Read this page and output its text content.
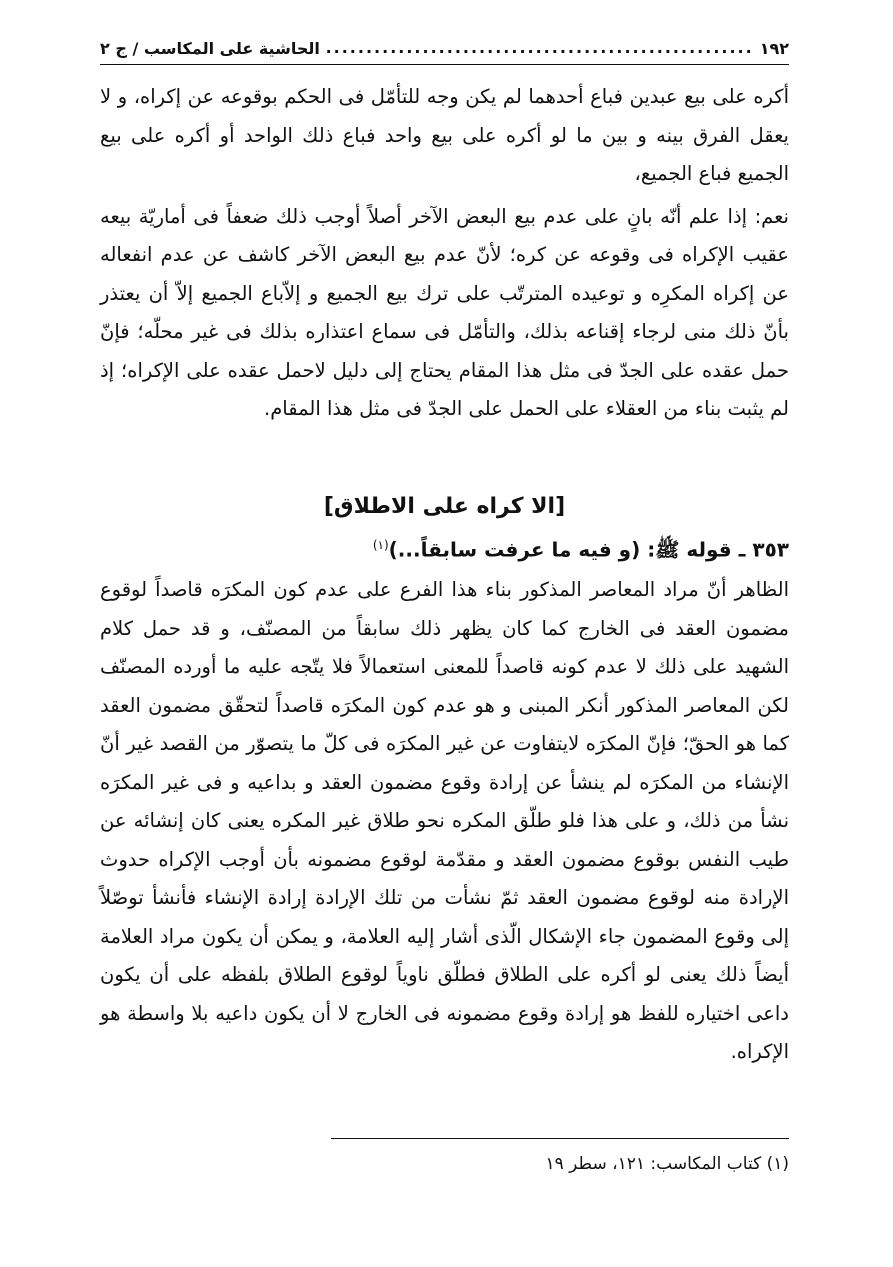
١٩٢
.....
الحاشية على المكاسب / ج ٢

أكره على بيع عبدين فباع أحدهما لم يكن وجه للتأمّل فى الحكم بوقوعه عن إكراه، و لا يعقل الفرق بينه و بين ما لو أكره على بيع واحد فباع ذلك الواحد أو أكره على بيع الجميع فباع الجميع،

نعم: إذا علم أنّه بانٍ على عدم بيع البعض الآخر أصلاً أوجب ذلك ضعفاً فى أماريّة بيعه عقيب الإكراه فى وقوعه عن كره؛ لأنّ عدم بيع البعض الآخر كاشف عن عدم انفعاله عن إكراه المكرِه و توعيده المترتّب على ترك بيع الجميع و إلاّباع الجميع إلاّ أن يعتذر بأنّ ذلك منى لرجاء إقناعه بذلك، والتأمّل فى سماع اعتذاره بذلك فى غير محلّه؛ فإنّ حمل عقده على الجدّ فى مثل هذا المقام يحتاج إلى دليل لاحمل عقده على الإكراه؛ إذ لم يثبت بناء من العقلاء على الحمل على الجدّ فى مثل هذا المقام.

[الا كراه على الاطلاق]

٣٥٣ ـ قوله ﷺ: (و فيه ما عرفت سابقاً...)$^{(١)}$

الظاهر أنّ مراد المعاصر المذكور بناء هذا الفرع على عدم كون المكرَه قاصداً لوقوع مضمون العقد فى الخارج كما كان يظهر ذلك سابقاً من المصنّف، و قد حمل كلام الشهيد على ذلك لا عدم كونه قاصداً للمعنى استعمالاً فلا يتّجه عليه ما أورده المصنّف لكن المعاصر المذكور أنكر المبنى و هو عدم كون المكرَه قاصداً لتحقّق مضمون العقد كما هو الحقّ؛ فإنّ المكرَه لايتفاوت عن غير المكرَه فى كلّ ما يتصوّر من القصد غير أنّ الإنشاء من المكرَه لم ينشأ عن إرادة وقوع مضمون العقد و بداعيه و فى غير المكرَه نشأ من ذلك، و على هذا فلو طلّق المكره نحو طلاق غير المكره يعنى كان إنشائه عن طيب النفس بوقوع مضمون العقد و مقدّمة لوقوع مضمونه بأن أوجب الإكراه حدوث الإرادة منه لوقوع مضمون العقد ثمّ نشأت من تلك الإرادة إرادة الإنشاء فأنشأ توصّلاً إلى وقوع المضمون جاء الإشكال الّذى أشار إليه العلامة، و يمكن أن يكون مراد العلامة أيضاً ذلك يعنى لو أكره على الطلاق فطلّق ناوياً لوقوع الطلاق بلفظه على أن يكون داعى اختياره للفظ هو إرادة وقوع مضمونه فى الخارج لا أن يكون داعيه بلا واسطة هو الإكراه.

(١) كتاب المكاسب: ١٢١، سطر ١٩
